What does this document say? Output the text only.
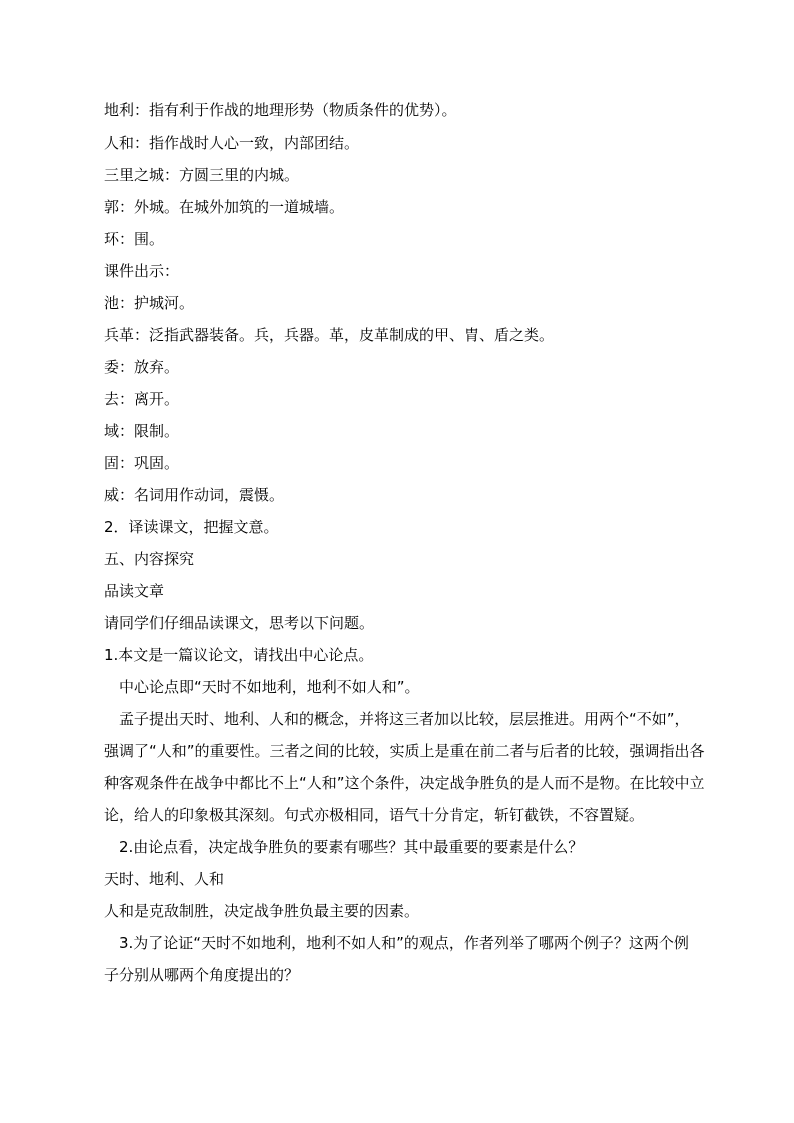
地利：指有利于作战的地理形势（物质条件的优势）。
人和：指作战时人心一致，内部团结。
三里之城：方圆三里的内城。
郭：外城。在城外加筑的一道城墙。
环：围。
课件出示：
池：护城河。
兵革：泛指武器装备。兵，兵器。革，皮革制成的甲、胄、盾之类。
委：放弃。
去：离开。
域：限制。
固：巩固。
威：名词用作动词，震慑。
2．译读课文，把握文意。
五、内容探究
品读文章
请同学们仔细品读课文，思考以下问题。
1.本文是一篇议论文，请找出中心论点。
中心论点即“天时不如地利，地利不如人和”。
孟子提出天时、地利、人和的概念，并将这三者加以比较，层层推进。用两个“不如”，
强调了“人和”的重要性。三者之间的比较，实质上是重在前二者与后者的比较，强调指出各
种客观条件在战争中都比不上“人和”这个条件，决定战争胜负的是人而不是物。在比较中立
论，给人的印象极其深刻。句式亦极相同，语气十分肯定，斩钉截铁，不容置疑。
2.由论点看，决定战争胜负的要素有哪些？其中最重要的要素是什么？
天时、地利、人和
人和是克敌制胜，决定战争胜负最主要的因素。
3.为了论证“天时不如地利，地利不如人和”的观点，作者列举了哪两个例子？这两个例
子分别从哪两个角度提出的？
